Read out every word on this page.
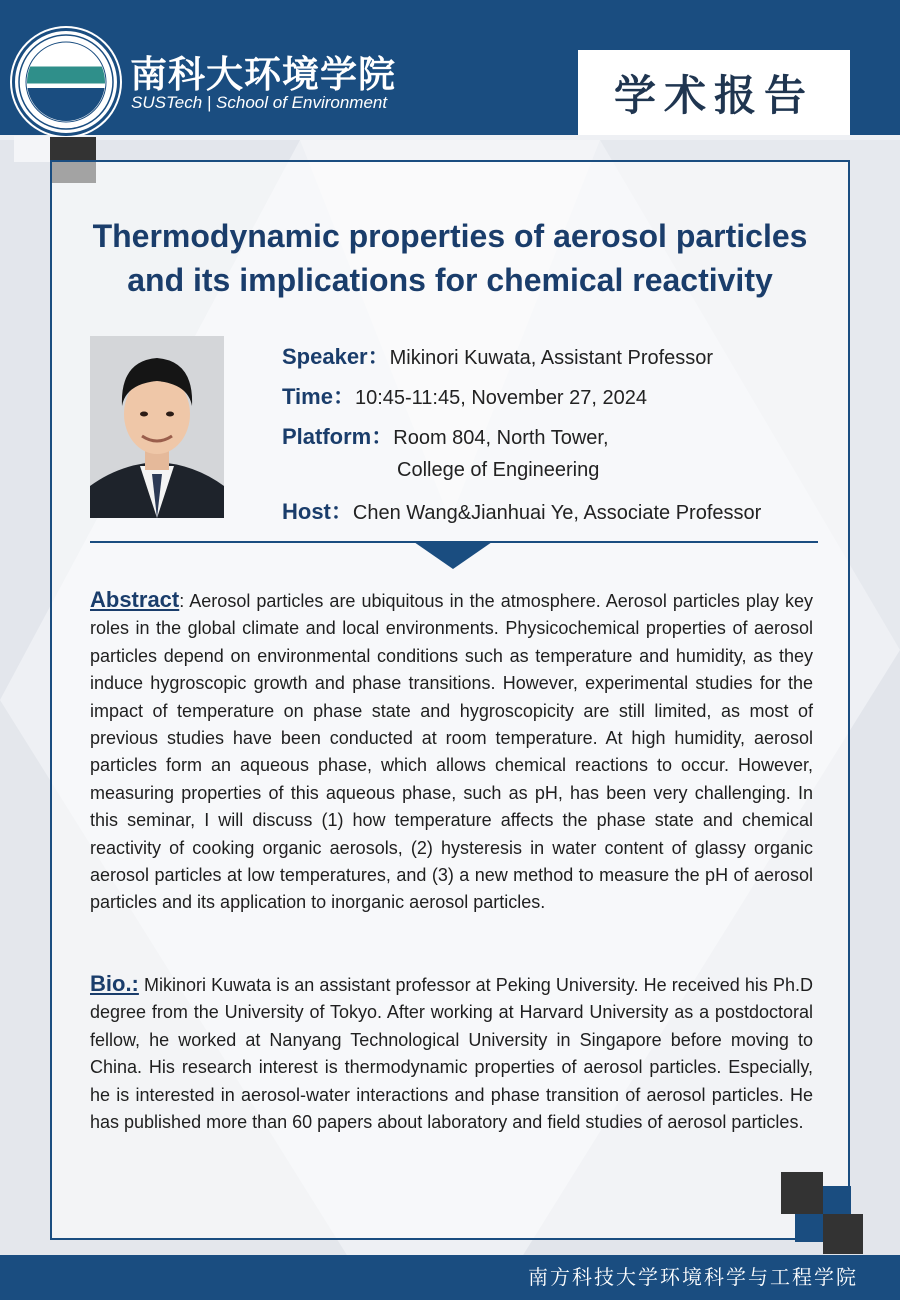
南科大环境学院
SUSTech | School of Environment	学术报告
Thermodynamic properties of aerosol particles and its implications for chemical reactivity
Speaker：Mikinori Kuwata, Assistant Professor
Time：10:45-11:45, November 27, 2024
Platform：Room 804, North Tower,
College of Engineering
Host：Chen Wang&Jianhuai Ye, Associate Professor
Abstract: Aerosol particles are ubiquitous in the atmosphere. Aerosol particles play key roles in the global climate and local environments. Physicochemical properties of aerosol particles depend on environmental conditions such as temperature and humidity, as they induce hygroscopic growth and phase transitions. However, experimental studies for the impact of temperature on phase state and hygroscopicity are still limited, as most of previous studies have been conducted at room temperature. At high humidity, aerosol particles form an aqueous phase, which allows chemical reactions to occur. However, measuring properties of this aqueous phase, such as pH, has been very challenging. In this seminar, I will discuss (1) how temperature affects the phase state and chemical reactivity of cooking organic aerosols, (2) hysteresis in water content of glassy organic aerosol particles at low temperatures, and (3) a new method to measure the pH of aerosol particles and its application to inorganic aerosol particles.
Bio.: Mikinori Kuwata is an assistant professor at Peking University. He received his Ph.D degree from the University of Tokyo. After working at Harvard University as a postdoctoral fellow, he worked at Nanyang Technological University in Singapore before moving to China. His research interest is thermodynamic properties of aerosol particles. Especially, he is interested in aerosol-water interactions and phase transition of aerosol particles. He has published more than 60 papers about laboratory and field studies of aerosol particles.
南方科技大学环境科学与工程学院
